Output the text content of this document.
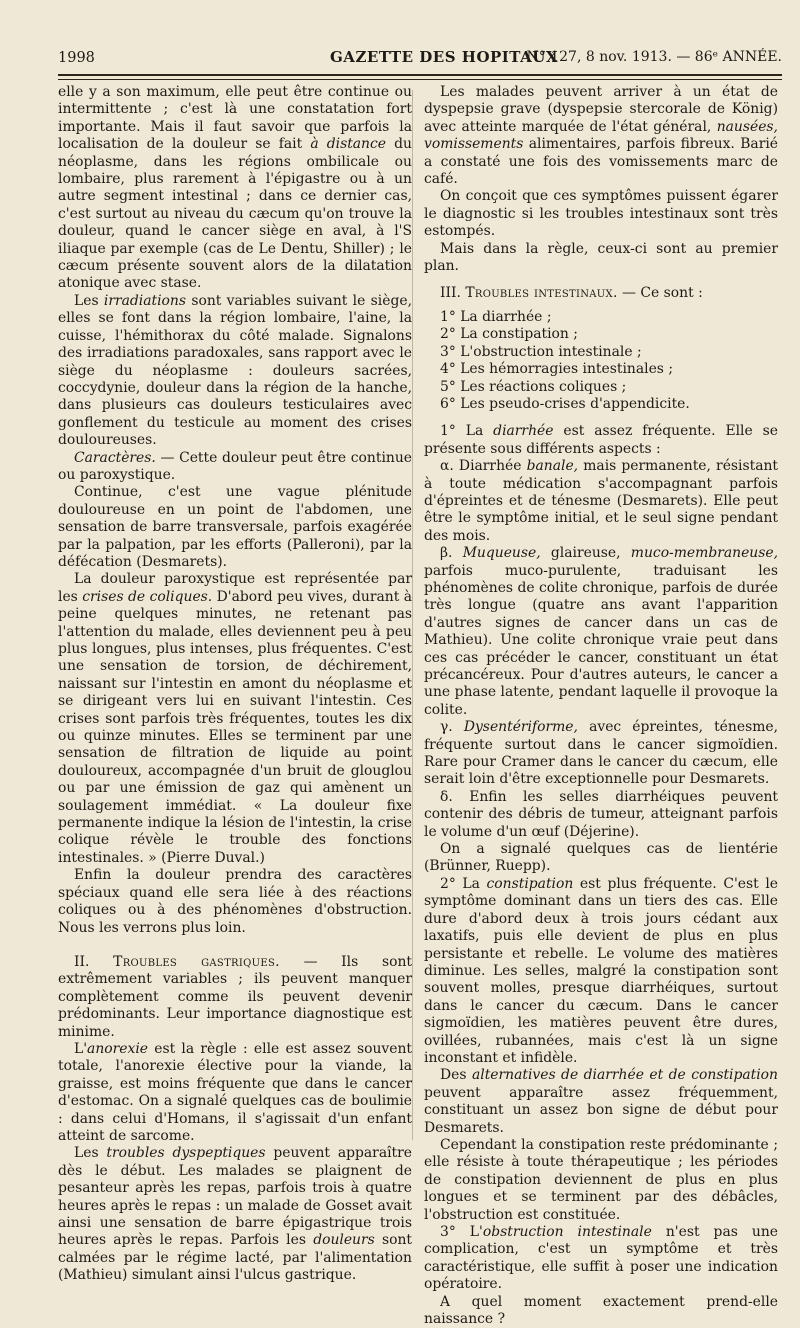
1998	GAZETTE DES HOPITAUX
N° 127, 8 nov. 1913. — 86ᵉ ANNÉE.

elle y a son maximum, elle peut être continue ou intermittente ; c'est là une constatation fort importante. Mais il faut savoir que parfois la localisation de la douleur se fait à distance du néoplasme, dans les régions ombilicale ou lombaire, plus rarement à l'épigastre ou à un autre segment intestinal ; dans ce dernier cas, c'est surtout au niveau du cæcum qu'on trouve la douleur, quand le cancer siège en aval, à l'S iliaque par exemple (cas de Le Dentu, Shiller) ; le cæcum présente souvent alors de la dilatation atonique avec stase.

Les irradiations sont variables suivant le siège, elles se font dans la région lombaire, l'aine, la cuisse, l'hémithorax du côté malade. Signalons des irradiations paradoxales, sans rapport avec le siège du néoplasme : douleurs sacrées, coccydynie, douleur dans la région de la hanche, dans plusieurs cas douleurs testiculaires avec gonflement du testicule au moment des crises douloureuses.

Caractères. — Cette douleur peut être continue ou paroxystique.

Continue, c'est une vague plénitude douloureuse en un point de l'abdomen, une sensation de barre transversale, parfois exagérée par la palpation, par les efforts (Palleroni), par la défécation (Desmarets).

La douleur paroxystique est représentée par les crises de coliques. D'abord peu vives, durant à peine quelques minutes, ne retenant pas l'attention du malade, elles deviennent peu à peu plus longues, plus intenses, plus fréquentes. C'est une sensation de torsion, de déchirement, naissant sur l'intestin en amont du néoplasme et se dirigeant vers lui en suivant l'intestin. Ces crises sont parfois très fréquentes, toutes les dix ou quinze minutes. Elles se terminent par une sensation de filtration de liquide au point douloureux, accompagnée d'un bruit de glouglou ou par une émission de gaz qui amènent un soulagement immédiat. « La douleur fixe permanente indique la lésion de l'intestin, la crise colique révèle le trouble des fonctions intestinales. » (Pierre Duval.)

Enfin la douleur prendra des caractères spéciaux quand elle sera liée à des réactions coliques ou à des phénomènes d'obstruction. Nous les verrons plus loin.

II. Troubles gastriques. — Ils sont extrêmement variables ; ils peuvent manquer complètement comme ils peuvent devenir prédominants. Leur importance diagnostique est minime.

L'anorexie est la règle : elle est assez souvent totale, l'anorexie élective pour la viande, la graisse, est moins fréquente que dans le cancer d'estomac. On a signalé quelques cas de boulimie : dans celui d'Homans, il s'agissait d'un enfant atteint de sarcome.

Les troubles dyspeptiques peuvent apparaître dès le début. Les malades se plaignent de pesanteur après les repas, parfois trois à quatre heures après le repas : un malade de Gosset avait ainsi une sensation de barre épigastrique trois heures après le repas. Parfois les douleurs sont calmées par le régime lacté, par l'alimentation (Mathieu) simulant ainsi l'ulcus gastrique.

Les malades peuvent arriver à un état de dyspepsie grave (dyspepsie stercorale de König) avec atteinte marquée de l'état général, nausées, vomissements alimentaires, parfois fibreux. Barié a constaté une fois des vomissements marc de café.

On conçoit que ces symptômes puissent égarer le diagnostic si les troubles intestinaux sont très estompés.

Mais dans la règle, ceux-ci sont au premier plan.

III. Troubles intestinaux. — Ce sont :

1° La diarrhée ;

2° La constipation ;

3° L'obstruction intestinale ;

4° Les hémorragies intestinales ;

5° Les réactions coliques ;

6° Les pseudo-crises d'appendicite.

1° La diarrhée est assez fréquente. Elle se présente sous différents aspects :

α. Diarrhée banale, mais permanente, résistant à toute médication s'accompagnant parfois d'épreintes et de ténesme (Desmarets). Elle peut être le symptôme initial, et le seul signe pendant des mois.

β. Muqueuse, glaireuse, muco-membraneuse, parfois muco-purulente, traduisant les phénomènes de colite chronique, parfois de durée très longue (quatre ans avant l'apparition d'autres signes de cancer dans un cas de Mathieu). Une colite chronique vraie peut dans ces cas précéder le cancer, constituant un état précancéreux. Pour d'autres auteurs, le cancer a une phase latente, pendant laquelle il provoque la colite.

γ. Dysentériforme, avec épreintes, ténesme, fréquente surtout dans le cancer sigmoïdien. Rare pour Cramer dans le cancer du cæcum, elle serait loin d'être exceptionnelle pour Desmarets.

δ. Enfin les selles diarrhéiques peuvent contenir des débris de tumeur, atteignant parfois le volume d'un œuf (Déjerine).

On a signalé quelques cas de lientérie (Brünner, Ruepp).

2° La constipation est plus fréquente. C'est le symptôme dominant dans un tiers des cas. Elle dure d'abord deux à trois jours cédant aux laxatifs, puis elle devient de plus en plus persistante et rebelle. Le volume des matières diminue. Les selles, malgré la constipation sont souvent molles, presque diarrhéiques, surtout dans le cancer du cæcum. Dans le cancer sigmoïdien, les matières peuvent être dures, ovillées, rubannées, mais c'est là un signe inconstant et infidèle.

Des alternatives de diarrhée et de constipation peuvent apparaître assez fréquemment, constituant un assez bon signe de début pour Desmarets.

Cependant la constipation reste prédominante ; elle résiste à toute thérapeutique ; les périodes de constipation deviennent de plus en plus longues et se terminent par des débâcles, l'obstruction est constituée.

3° L'obstruction intestinale n'est pas une complication, c'est un symptôme et très caractéristique, elle suffit à poser une indication opératoire.

A quel moment exactement prend-elle naissance ?
